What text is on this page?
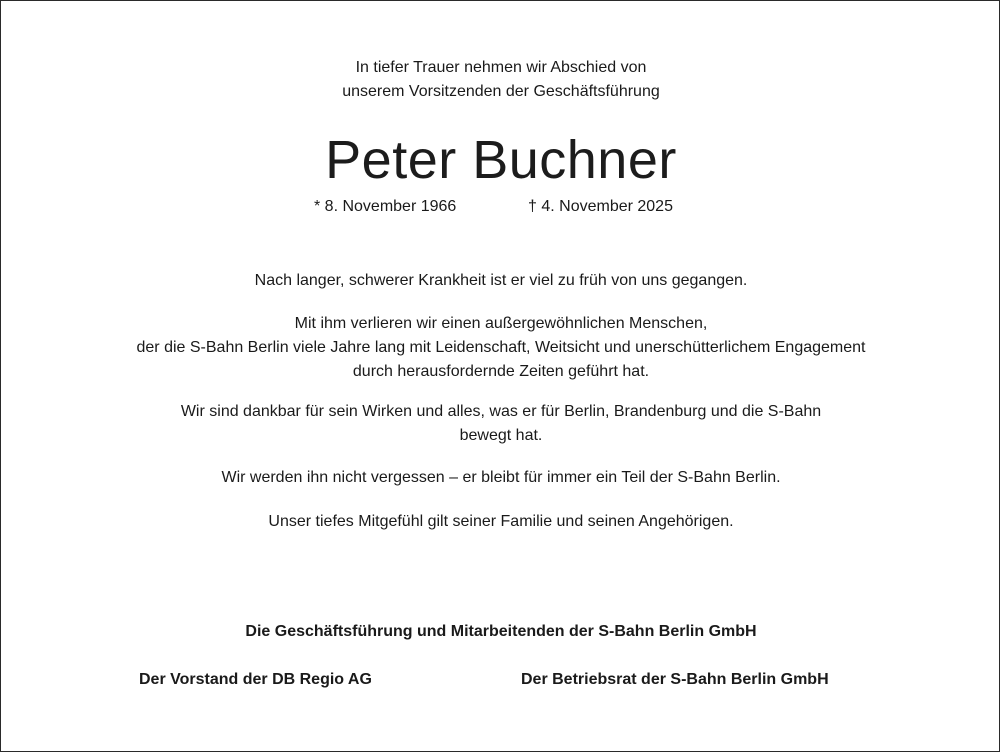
In tiefer Trauer nehmen wir Abschied von
unserem Vorsitzenden der Geschäftsführung
Peter Buchner
* 8. November 1966	† 4. November 2025
Nach langer, schwerer Krankheit ist er viel zu früh von uns gegangen.
Mit ihm verlieren wir einen außergewöhnlichen Menschen,
der die S-Bahn Berlin viele Jahre lang mit Leidenschaft, Weitsicht und unerschütterlichem Engagement
durch herausfordernde Zeiten geführt hat.
Wir sind dankbar für sein Wirken und alles, was er für Berlin, Brandenburg und die S-Bahn
bewegt hat.
Wir werden ihn nicht vergessen – er bleibt für immer ein Teil der S-Bahn Berlin.
Unser tiefes Mitgefühl gilt seiner Familie und seinen Angehörigen.
Die Geschäftsführung und Mitarbeitenden der S-Bahn Berlin GmbH
Der Vorstand der DB Regio AG	Der Betriebsrat der S-Bahn Berlin GmbH
